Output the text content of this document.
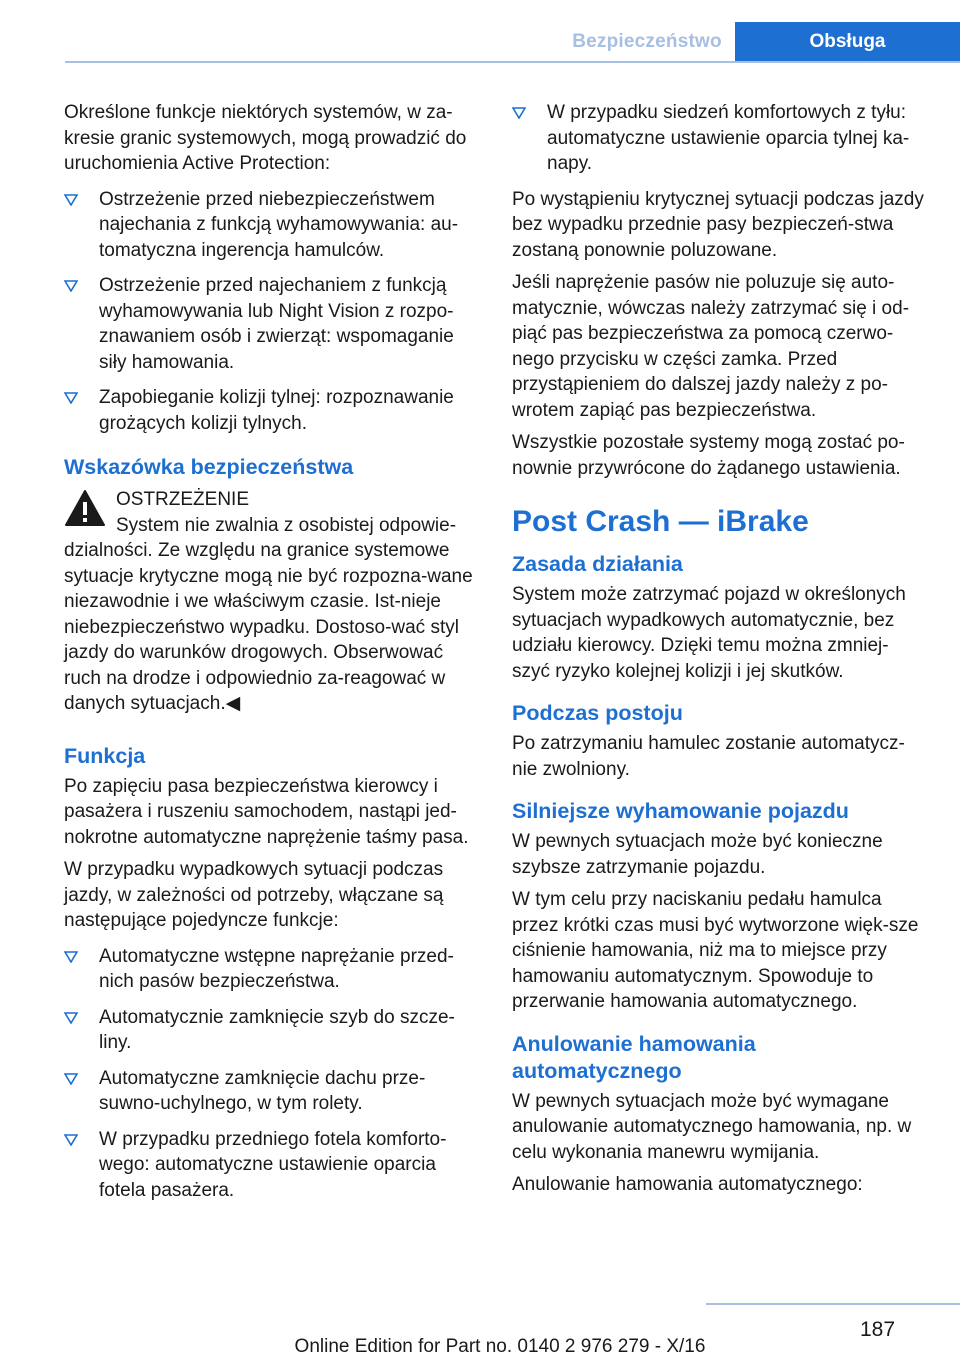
Bezpieczeństwo	Obsługa

Określone funkcje niektórych systemów, w za-kresie granic systemowych, mogą prowadzić do uruchomienia Active Protection:

Ostrzeżenie przed niebezpieczeństwem najechania z funkcją wyhamowywania: au-tomatyczna ingerencja hamulców.
Ostrzeżenie przed najechaniem z funkcją wyhamowywania lub Night Vision z rozpo-znawaniem osób i zwierząt: wspomaganie siły hamowania.
Zapobieganie kolizji tylnej: rozpoznawanie grożących kolizji tylnych.
Wskazówka bezpieczeństwa
OSTRZEŻENIE
System nie zwalnia z osobistej odpowie-

dzialności. Ze względu na granice systemowe sytuacje krytyczne mogą nie być rozpozna-wane niezawodnie i we właściwym czasie. Ist-nieje niebezpieczeństwo wypadku. Dostoso-wać styl jazdy do warunków drogowych. Obserwować ruch na drodze i odpowiednio za-reagować w danych sytuacjach.◀

Funkcja

Po zapięciu pasa bezpieczeństwa kierowcy i pasażera i ruszeniu samochodem, nastąpi jed-nokrotne automatyczne naprężenie taśmy pasa.

W przypadku wypadkowych sytuacji podczas jazdy, w zależności od potrzeby, włączane są następujące pojedyncze funkcje:

Automatyczne wstępne naprężanie przed-nich pasów bezpieczeństwa.
Automatycznie zamknięcie szyb do szcze-liny.
Automatyczne zamknięcie dachu prze-suwno-uchylnego, w tym rolety.
W przypadku przedniego fotela komforto-wego: automatyczne ustawienie oparcia fotela pasażera.
W przypadku siedzeń komfortowych z tyłu: automatyczne ustawienie oparcia tylnej ka-napy.

Po wystąpieniu krytycznej sytuacji podczas jazdy bez wypadku przednie pasy bezpieczeń-stwa zostaną ponownie poluzowane.

Jeśli naprężenie pasów nie poluzuje się auto-matycznie, wówczas należy zatrzymać się i od-piąć pas bezpieczeństwa za pomocą czerwo-nego przycisku w części zamka. Przed przystąpieniem do dalszej jazdy należy z po-wrotem zapiąć pas bezpieczeństwa.

Wszystkie pozostałe systemy mogą zostać po-nownie przywrócone do żądanego ustawienia.

Post Crash — iBrake
Zasada działania

System może zatrzymać pojazd w określonych sytuacjach wypadkowych automatycznie, bez udziału kierowcy. Dzięki temu można zmniej-szyć ryzyko kolejnej kolizji i jej skutków.

Podczas postoju

Po zatrzymaniu hamulec zostanie automatycz-nie zwolniony.

Silniejsze wyhamowanie pojazdu

W pewnych sytuacjach może być konieczne szybsze zatrzymanie pojazdu.

W tym celu przy naciskaniu pedału hamulca przez krótki czas musi być wytworzone więk-sze ciśnienie hamowania, niż ma to miejsce przy hamowaniu automatycznym. Spowoduje to przerwanie hamowania automatycznego.

Anulowanie hamowania automatycznego

W pewnych sytuacjach może być wymagane anulowanie automatycznego hamowania, np. w celu wykonania manewru wymijania.

Anulowanie hamowania automatycznego:

187
Online Edition for Part no. 0140 2 976 279 - X/16
